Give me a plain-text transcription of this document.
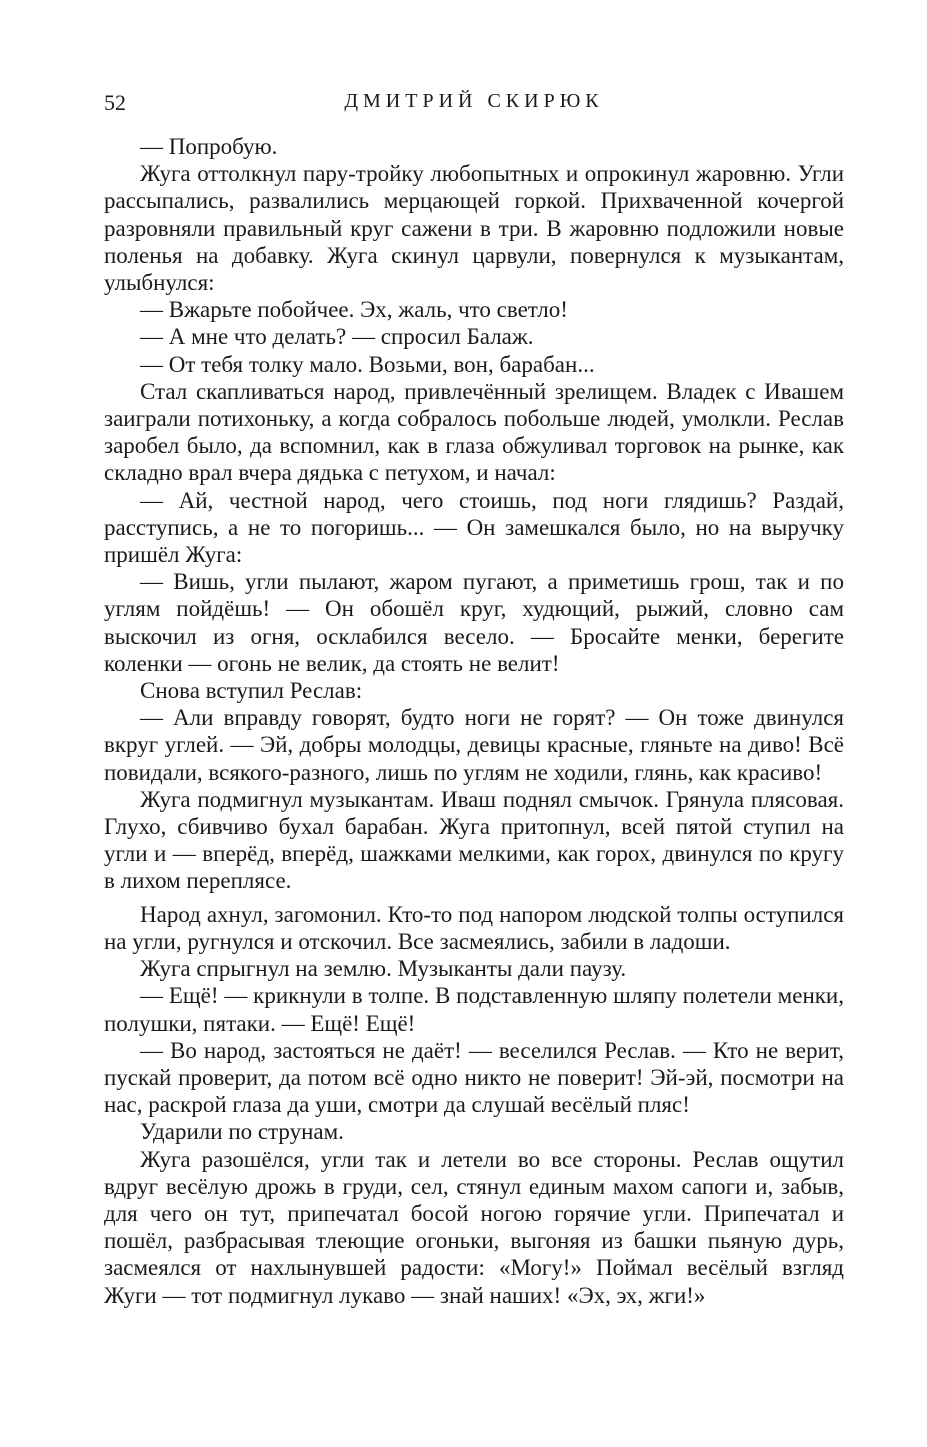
52	ДМИТРИЙ СКИРЮК

— Попробую.

Жуга оттолкнул пару-тройку любопытных и опрокинул жаровню. Угли рассыпались, развалились мерцающей горкой. Прихваченной кочергой разровняли правильный круг сажени в три. В жаровню подложили новые поленья на добавку. Жуга скинул царвули, повернулся к музыкантам, улыбнулся:

— Вжарьте побойчее. Эх, жаль, что светло!

— А мне что делать? — спросил Балаж.

— От тебя толку мало. Возьми, вон, барабан...

Стал скапливаться народ, привлечённый зрелищем. Владек с Ивашем заиграли потихоньку, а когда собралось побольше людей, умолкли. Реслав заробел было, да вспомнил, как в глаза обжуливал торговок на рынке, как складно врал вчера дядька с петухом, и начал:

— Ай, честной народ, чего стоишь, под ноги глядишь? Раздай, расступись, а не то погоришь... — Он замешкался было, но на выручку пришёл Жуга:

— Вишь, угли пылают, жаром пугают, а приметишь грош, так и по углям пойдёшь! — Он обошёл круг, худющий, рыжий, словно сам выскочил из огня, осклабился весело. — Бросайте менки, берегите коленки — огонь не велик, да стоять не велит!

Снова вступил Реслав:

— Али вправду говорят, будто ноги не горят? — Он тоже двинулся вкруг углей. — Эй, добры молодцы, девицы красные, гляньте на диво! Всё повидали, всякого-разного, лишь по углям не ходили, глянь, как красиво!

Жуга подмигнул музыкантам. Иваш поднял смычок. Грянула плясовая. Глухо, сбивчиво бухал барабан. Жуга притопнул, всей пятой ступил на угли и — вперёд, вперёд, шажками мелкими, как горох, двинулся по кругу в лихом переплясе.

Народ ахнул, загомонил. Кто-то под напором людской толпы оступился на угли, ругнулся и отскочил. Все засмеялись, забили в ладоши.

Жуга спрыгнул на землю. Музыканты дали паузу.

— Ещё! — крикнули в толпе. В подставленную шляпу полетели менки, полушки, пятаки. — Ещё! Ещё!

— Во народ, застояться не даёт! — веселился Реслав. — Кто не верит, пускай проверит, да потом всё одно никто не поверит! Эй-эй, посмотри на нас, раскрой глаза да уши, смотри да слушай весёлый пляс!

Ударили по струнам.

Жуга разошёлся, угли так и летели во все стороны. Реслав ощутил вдруг весёлую дрожь в груди, сел, стянул единым махом сапоги и, забыв, для чего он тут, припечатал босой ногою горячие угли. Припечатал и пошёл, разбрасывая тлеющие огоньки, выгоняя из башки пьяную дурь, засмеялся от нахлынувшей радости: «Могу!» Поймал весёлый взгляд Жуги — тот подмигнул лукаво — знай наших! «Эх, эх, жги!»
